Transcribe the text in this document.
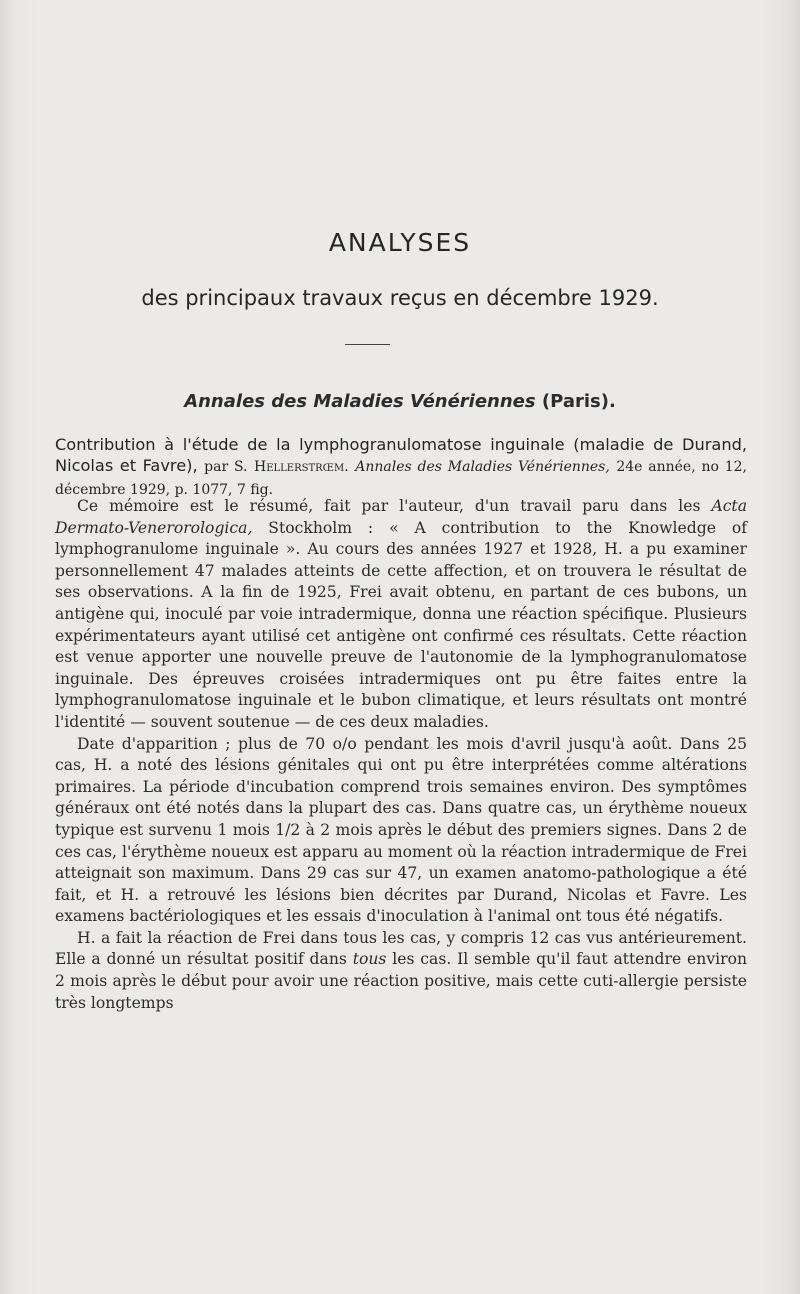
ANALYSES
des principaux travaux reçus en décembre 1929.
Annales des Maladies Vénériennes (Paris).
Contribution à l'étude de la lymphogranulomatose inguinale (maladie de Durand, Nicolas et Favre), par S. Hellerstrœm. Annales des Maladies Vénériennes, 24e année, no 12, décembre 1929, p. 1077, 7 fig.

Ce mémoire est le résumé, fait par l'auteur, d'un travail paru dans les Acta Dermato-Venerorologica, Stockholm : « A contribution to the Knowledge of lymphogranulome inguinale ». Au cours des années 1927 et 1928, H. a pu examiner personnellement 47 malades atteints de cette affection, et on trouvera le résultat de ses observations. A la fin de 1925, Frei avait obtenu, en partant de ces bubons, un antigène qui, inoculé par voie intradermique, donna une réaction spécifique. Plusieurs expérimentateurs ayant utilisé cet antigène ont confirmé ces résultats. Cette réaction est venue apporter une nouvelle preuve de l'autonomie de la lymphogranulomatose inguinale. Des épreuves croisées intradermiques ont pu être faites entre la lymphogranulomatose inguinale et le bubon climatique, et leurs résultats ont montré l'identité — souvent soutenue — de ces deux maladies.

Date d'apparition ; plus de 70 o/o pendant les mois d'avril jusqu'à août. Dans 25 cas, H. a noté des lésions génitales qui ont pu être interprétées comme altérations primaires. La période d'incubation comprend trois semaines environ. Des symptômes généraux ont été notés dans la plupart des cas. Dans quatre cas, un érythème noueux typique est survenu 1 mois 1/2 à 2 mois après le début des premiers signes. Dans 2 de ces cas, l'érythème noueux est apparu au moment où la réaction intradermique de Frei atteignait son maximum. Dans 29 cas sur 47, un examen anatomo-pathologique a été fait, et H. a retrouvé les lésions bien décrites par Durand, Nicolas et Favre. Les examens bactériologiques et les essais d'inoculation à l'animal ont tous été négatifs.

H. a fait la réaction de Frei dans tous les cas, y compris 12 cas vus antérieurement. Elle a donné un résultat positif dans tous les cas. Il semble qu'il faut attendre environ 2 mois après le début pour avoir une réaction positive, mais cette cuti-allergie persiste très longtemps
